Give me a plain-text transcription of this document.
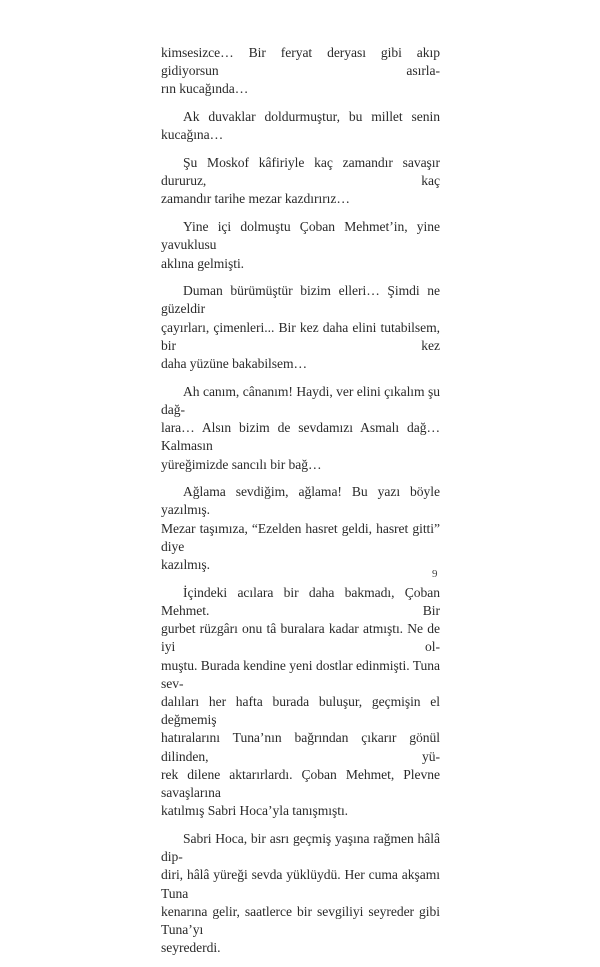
kimsesizce… Bir feryat deryası gibi akıp gidiyorsun asırla-
rın kucağında…

Ak duvaklar doldurmuştur, bu millet senin kucağına…

Şu Moskof kâfiriyle kaç zamandır savaşır dururuz, kaç
zamandır tarihe mezar kazdırırız…

Yine içi dolmuştu Çoban Mehmet’in, yine yavuklusu
aklına gelmişti.

Duman bürümüştür bizim elleri… Şimdi ne güzeldir
çayırları, çimenleri... Bir kez daha elini tutabilsem, bir kez
daha yüzüne bakabilsem…

Ah canım, cânanım! Haydi, ver elini çıkalım şu dağ-
lara… Alsın bizim de sevdamızı Asmalı dağ… Kalmasın
yüreğimizde sancılı bir bağ…

Ağlama sevdiğim, ağlama! Bu yazı böyle yazılmış.
Mezar taşımıza, “Ezelden hasret geldi, hasret gitti” diye
kazılmış.

İçindeki acılara bir daha bakmadı, Çoban Mehmet. Bir
gurbet rüzgârı onu tâ buralara kadar atmıştı. Ne de iyi ol-
muştu. Burada kendine yeni dostlar edinmişti. Tuna sev-
dalıları her hafta burada buluşur, geçmişin el değmemiş
hatıralarını Tuna’nın bağrından çıkarır gönül dilinden, yü-
rek dilene aktarırlardı. Çoban Mehmet, Plevne savaşlarına
katılmış Sabri Hoca’yla tanışmıştı.

Sabri Hoca, bir asrı geçmiş yaşına rağmen hâlâ dip-
diri, hâlâ yüreği sevda yüklüydü. Her cuma akşamı Tuna
kenarına gelir, saatlerce bir sevgiliyi seyreder gibi Tuna’yı
seyrederdi.

9
